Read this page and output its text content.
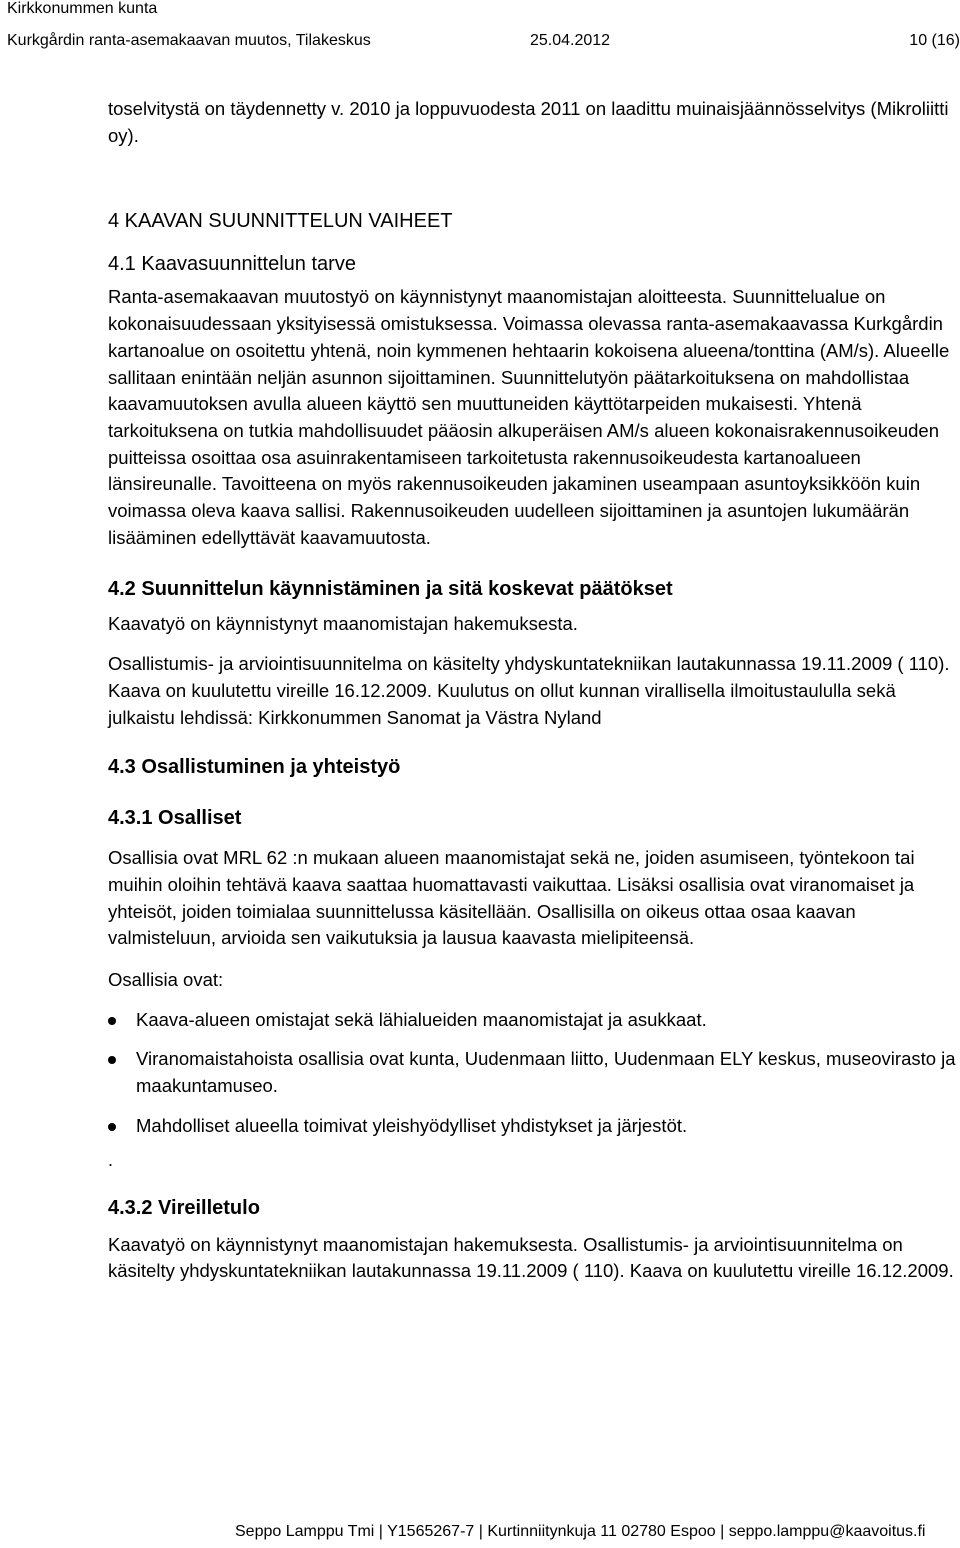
Kirkkonummen kunta
Kurkgårdin ranta-asemakaavan muutos, Tilakeskus	25.04.2012	10 (16)

toselvitystä on täydennetty v. 2010 ja loppuvuodesta 2011 on laadittu muinaisjäännösselvitys (Mikroliitti oy).

4 KAAVAN SUUNNITTELUN VAIHEET
4.1 Kaavasuunnittelun tarve

Ranta-asemakaavan muutostyö on käynnistynyt maanomistajan aloitteesta. Suunnittelualue on kokonaisuudessaan yksityisessä omistuksessa. Voimassa olevassa ranta-asemakaavassa Kurkgårdin kartanoalue on osoitettu yhtenä, noin kymmenen hehtaarin kokoisena alueena/tonttina (AM/s). Alueelle sallitaan enintään neljän asunnon sijoittaminen. Suunnittelutyön päätarkoituksena on mahdollistaa kaavamuutoksen avulla alueen käyttö sen muuttuneiden käyttötarpeiden mukaisesti. Yhtenä tarkoituksena on tutkia mahdollisuudet pääosin alkuperäisen AM/s alueen kokonaisrakennusoikeuden puitteissa osoittaa osa asuinrakentamiseen tarkoitetusta rakennusoikeudesta kartanoalueen länsireunalle. Tavoitteena on myös rakennusoikeuden jakaminen useampaan asuntoyksikköön kuin voimassa oleva kaava sallisi. Rakennusoikeuden uudelleen sijoittaminen ja asuntojen lukumäärän lisääminen edellyttävät kaavamuutosta.

4.2 Suunnittelun käynnistäminen ja sitä koskevat päätökset

Kaavatyö on käynnistynyt maanomistajan hakemuksesta.

Osallistumis- ja arviointisuunnitelma on käsitelty yhdyskuntatekniikan lautakunnassa 19.11.2009 ( 110). Kaava on kuulutettu vireille 16.12.2009. Kuulutus on ollut kunnan virallisella ilmoitustaululla sekä julkaistu lehdissä: Kirkkonummen Sanomat ja Västra Nyland

4.3 Osallistuminen ja yhteistyö
4.3.1 Osalliset

Osallisia ovat MRL 62 :n mukaan alueen maanomistajat sekä ne, joiden asumiseen, työntekoon tai muihin oloihin tehtävä kaava saattaa huomattavasti vaikuttaa. Lisäksi osallisia ovat viranomaiset ja yhteisöt, joiden toimialaa suunnittelussa käsitellään. Osallisilla on oikeus ottaa osaa kaavan valmisteluun, arvioida sen vaikutuksia ja lausua kaavasta mielipiteensä.

Osallisia ovat:

Kaava-alueen omistajat sekä lähialueiden maanomistajat ja asukkaat.
Viranomaistahoista osallisia ovat kunta, Uudenmaan liitto, Uudenmaan ELY keskus, museovirasto ja maakuntamuseo.
Mahdolliset alueella toimivat yleishyödylliset yhdistykset ja järjestöt.
.
4.3.2 Vireilletulo

Kaavatyö on käynnistynyt maanomistajan hakemuksesta. Osallistumis- ja arviointisuunnitelma on käsitelty yhdyskuntatekniikan lautakunnassa 19.11.2009 ( 110). Kaava on kuulutettu vireille 16.12.2009.

Seppo Lamppu Tmi | Y1565267-7 | Kurtinniitynkuja 11 02780 Espoo | seppo.lamppu@kaavoitus.fi
